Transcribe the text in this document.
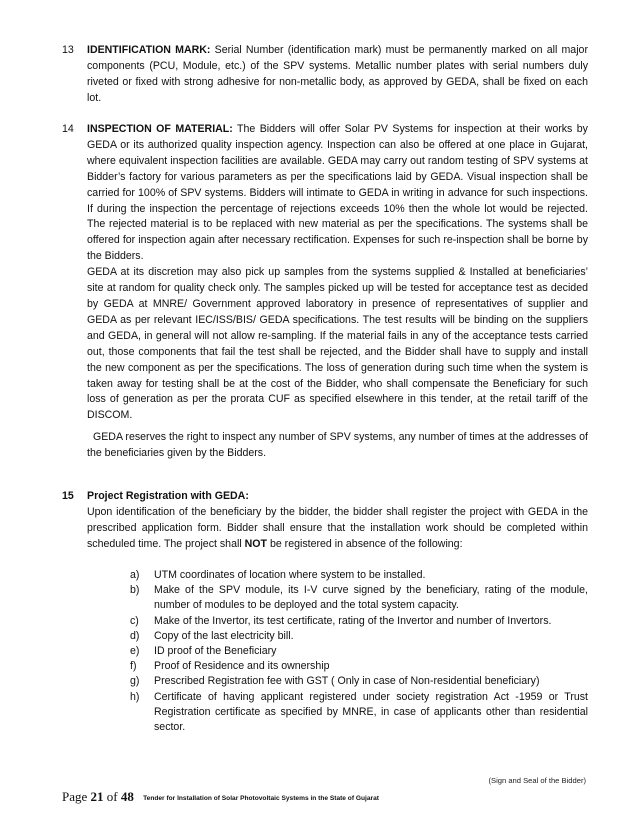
13	IDENTIFICATION MARK: Serial Number (identification mark) must be permanently marked on all major components (PCU, Module, etc.) of the SPV systems. Metallic number plates with serial numbers duly riveted or fixed with strong adhesive for non-metallic body, as approved by GEDA, shall be fixed on each lot.

14	INSPECTION OF MATERIAL: The Bidders will offer Solar PV Systems for inspection at their works by GEDA or its authorized quality inspection agency. Inspection can also be offered at one place in Gujarat, where equivalent inspection facilities are available. GEDA may carry out random testing of SPV systems at Bidder’s factory for various parameters as per the specifications laid by GEDA. Visual inspection shall be carried for 100% of SPV systems. Bidders will intimate to GEDA in writing in advance for such inspections. If during the inspection the percentage of rejections exceeds 10% then the whole lot would be rejected. The rejected material is to be replaced with new material as per the specifications. The systems shall be offered for inspection again after necessary rectification. Expenses for such re-inspection shall be borne by the Bidders.

GEDA at its discretion may also pick up samples from the systems supplied & Installed at beneficiaries’ site at random for quality check only. The samples picked up will be tested for acceptance test as decided by GEDA at MNRE/ Government approved laboratory in presence of representatives of supplier and GEDA as per relevant IEC/ISS/BIS/ GEDA specifications. The test results will be binding on the suppliers and GEDA, in general will not allow re-sampling. If the material fails in any of the acceptance tests carried out, those components that fail the test shall be rejected, and the Bidder shall have to supply and install the new component as per the specifications. The loss of generation during such time when the system is taken away for testing shall be at the cost of the Bidder, who shall compensate the Beneficiary for such loss of generation as per the prorata CUF as specified elsewhere in this tender, at the retail tariff of the DISCOM.

GEDA reserves the right to inspect any number of SPV systems, any number of times at the addresses of the beneficiaries given by the Bidders.

15	Project Registration with GEDA:

Upon identification of the beneficiary by the bidder, the bidder shall register the project with GEDA in the prescribed application form. Bidder shall ensure that the installation work should be completed within scheduled time. The project shall NOT be registered in absence of the following:

a) UTM coordinates of location where system to be installed.
b) Make of the SPV module, its I-V curve signed by the beneficiary, rating of the module, number of modules to be deployed and the total system capacity.
c) Make of the Invertor, its test certificate, rating of the Invertor and number of Invertors.
d) Copy of the last electricity bill.
e) ID proof of the Beneficiary
f) Proof of Residence and its ownership
g) Prescribed Registration fee with GST ( Only in case of Non-residential beneficiary)
h) Certificate of having applicant registered under society registration Act -1959 or Trust Registration certificate as specified by MNRE, in case of applicants other than residential sector.
(Sign and Seal of the Bidder)
Page 21 of 48 Tender for Installation of Solar Photovoltaic Systems in the State of Gujarat
